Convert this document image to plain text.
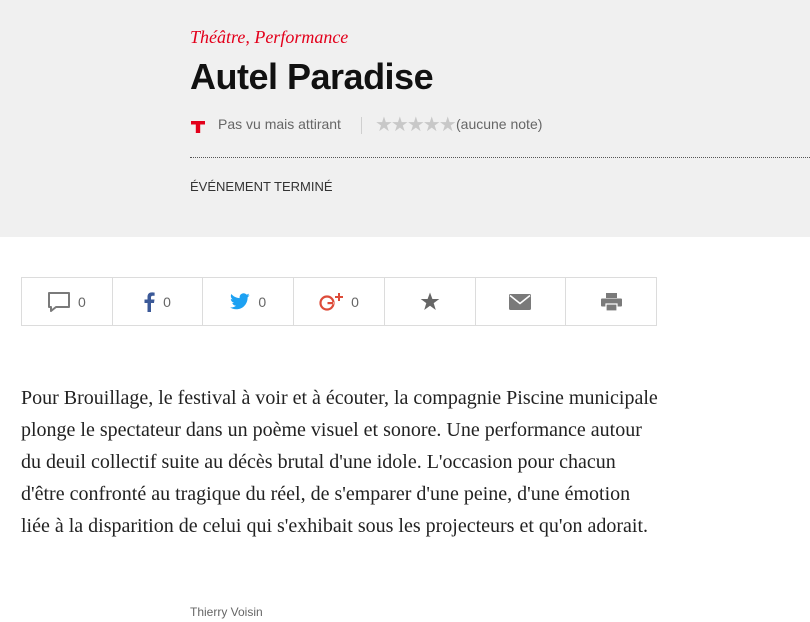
Théâtre, Performance
Autel Paradise
Pas vu mais attirant ★★★★★ (aucune note)
ÉVÉNEMENT TERMINÉ
0	0	0	0

Pour Brouillage, le festival à voir et à écouter, la compagnie Piscine municipale plonge le spectateur dans un poème visuel et sonore. Une performance autour du deuil collectif suite au décès brutal d'une idole. L'occasion pour chacun d'être confronté au tragique du réel, de s'emparer d'une peine, d'une émotion liée à la disparition de celui qui s'exhibait sous les projecteurs et qu'on adorait.

Thierry Voisin
